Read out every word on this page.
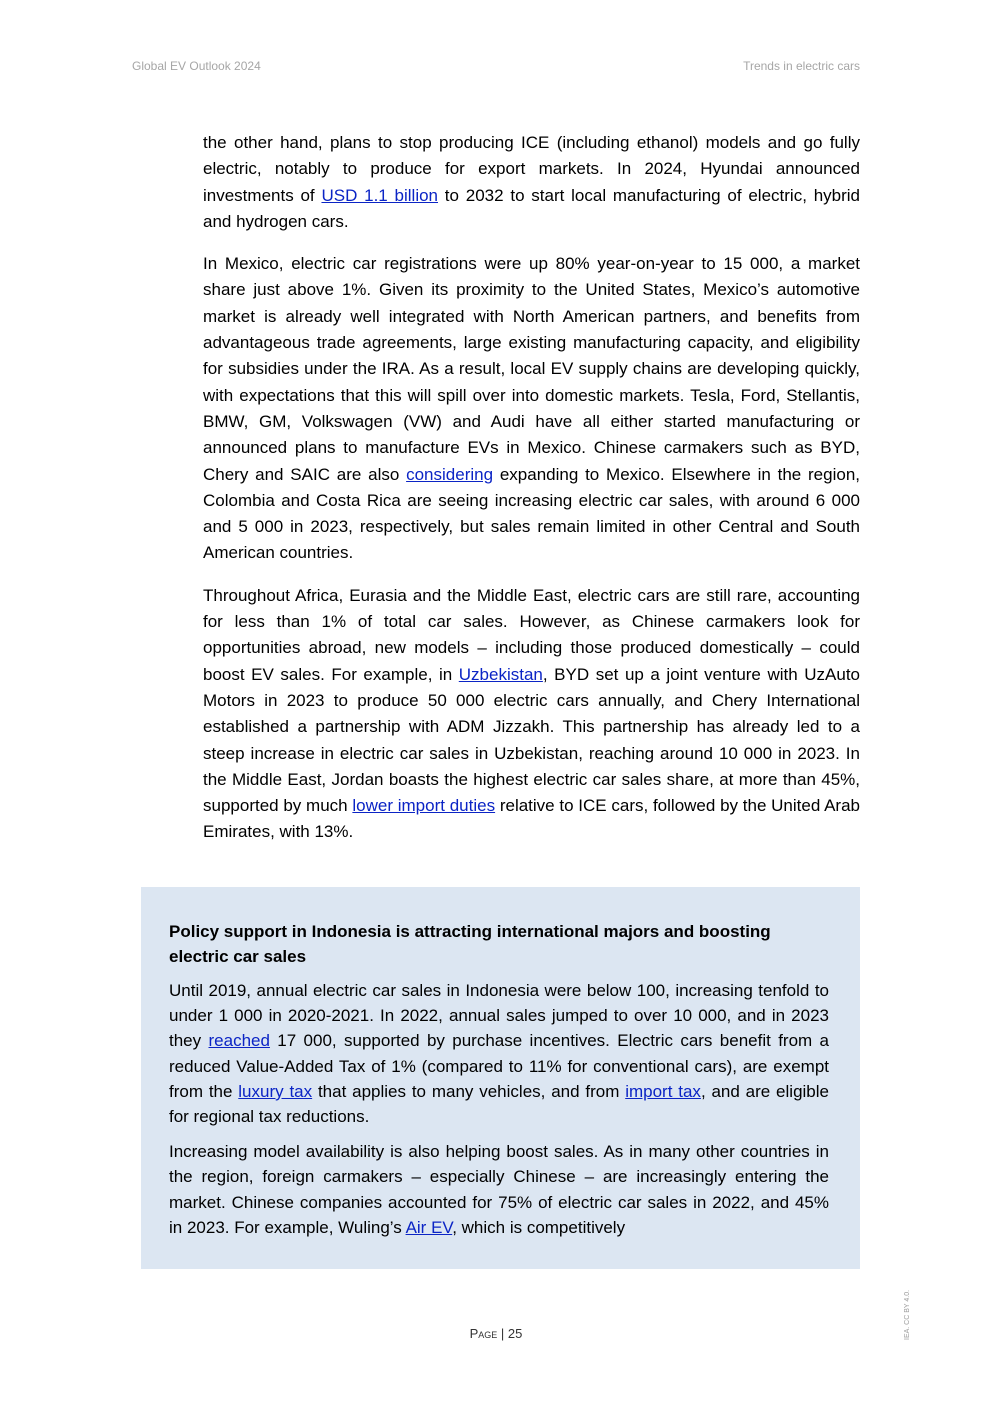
Global EV Outlook 2024	Trends in electric cars

the other hand, plans to stop producing ICE (including ethanol) models and go fully electric, notably to produce for export markets. In 2024, Hyundai announced investments of USD 1.1 billion to 2032 to start local manufacturing of electric, hybrid and hydrogen cars.

In Mexico, electric car registrations were up 80% year-on-year to 15 000, a market share just above 1%. Given its proximity to the United States, Mexico’s automotive market is already well integrated with North American partners, and benefits from advantageous trade agreements, large existing manufacturing capacity, and eligibility for subsidies under the IRA. As a result, local EV supply chains are developing quickly, with expectations that this will spill over into domestic markets. Tesla, Ford, Stellantis, BMW, GM, Volkswagen (VW) and Audi have all either started manufacturing or announced plans to manufacture EVs in Mexico. Chinese carmakers such as BYD, Chery and SAIC are also considering expanding to Mexico. Elsewhere in the region, Colombia and Costa Rica are seeing increasing electric car sales, with around 6 000 and 5 000 in 2023, respectively, but sales remain limited in other Central and South American countries.

Throughout Africa, Eurasia and the Middle East, electric cars are still rare, accounting for less than 1% of total car sales. However, as Chinese carmakers look for opportunities abroad, new models – including those produced domestically – could boost EV sales. For example, in Uzbekistan, BYD set up a joint venture with UzAuto Motors in 2023 to produce 50 000 electric cars annually, and Chery International established a partnership with ADM Jizzakh. This partnership has already led to a steep increase in electric car sales in Uzbekistan, reaching around 10 000 in 2023. In the Middle East, Jordan boasts the highest electric car sales share, at more than 45%, supported by much lower import duties relative to ICE cars, followed by the United Arab Emirates, with 13%.

Policy support in Indonesia is attracting international majors and boosting electric car sales

Until 2019, annual electric car sales in Indonesia were below 100, increasing tenfold to under 1 000 in 2020-2021. In 2022, annual sales jumped to over 10 000, and in 2023 they reached 17 000, supported by purchase incentives. Electric cars benefit from a reduced Value-Added Tax of 1% (compared to 11% for conventional cars), are exempt from the luxury tax that applies to many vehicles, and from import tax, and are eligible for regional tax reductions.

Increasing model availability is also helping boost sales. As in many other countries in the region, foreign carmakers – especially Chinese – are increasingly entering the market. Chinese companies accounted for 75% of electric car sales in 2022, and 45% in 2023. For example, Wuling’s Air EV, which is competitively

Page | 25	IEA. CC BY 4.0.
